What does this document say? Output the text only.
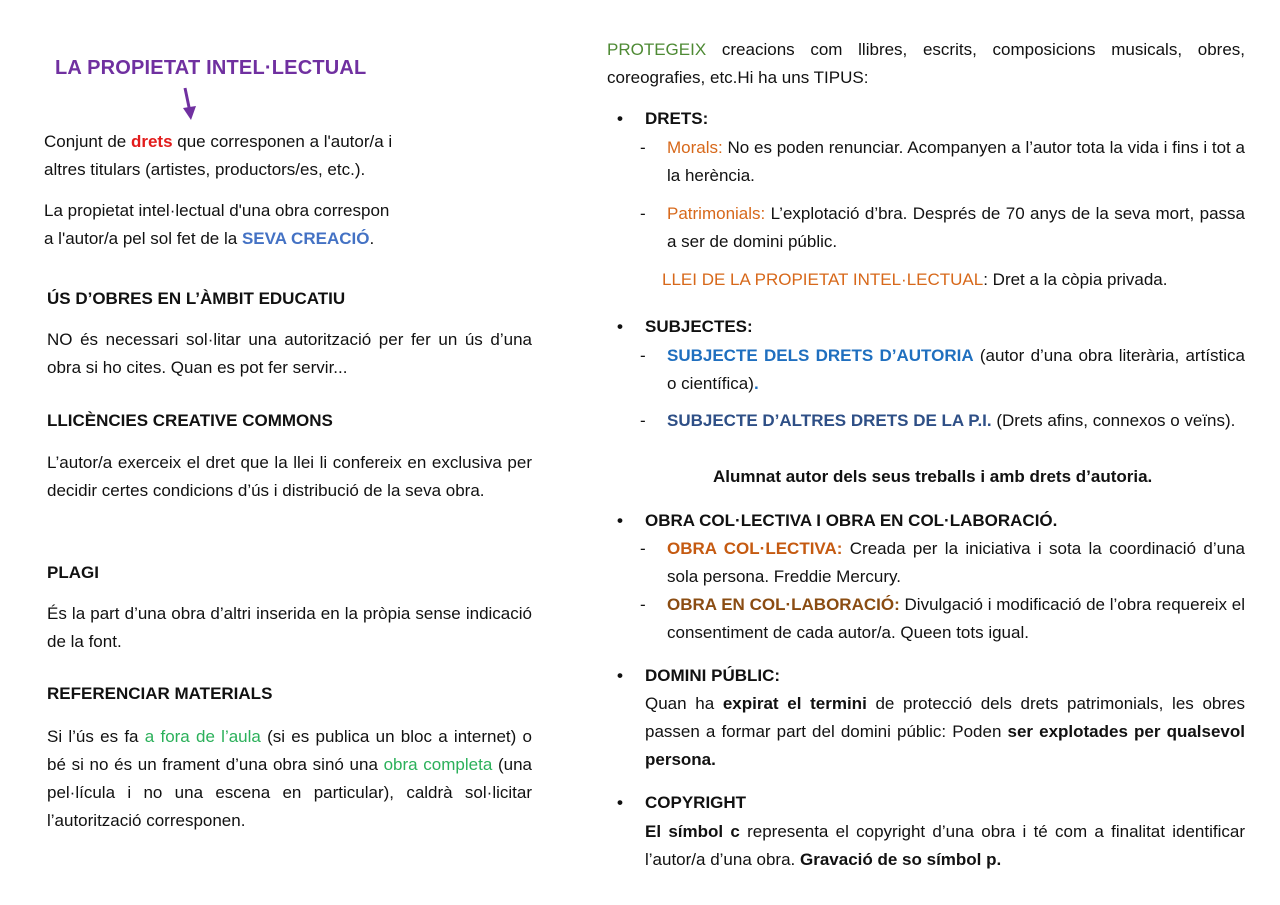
LA PROPIETAT INTEL·LECTUAL
Conjunt de drets que corresponen a l'autor/a i
altres titulars (artistes, productors/es, etc.).
La propietat intel·lectual d'una obra correspon
a l'autor/a pel sol fet de la SEVA CREACIÓ.
ÚS D’OBRES EN L’ÀMBIT EDUCATIU
NO és necessari sol·litar una autorització per fer un ús d’una obra si ho cites. Quan es pot fer servir...
LLICÈNCIES CREATIVE COMMONS
L’autor/a exerceix el dret que la llei li confereix en exclusiva per decidir certes condicions d’ús i distribució de la seva obra.
PLAGI
És la part d’una obra d’altri inserida en la pròpia sense indicació de la font.
REFERENCIAR MATERIALS
Si l’ús es fa a fora de l’aula (si es publica un bloc a internet) o bé si no és un frament d’una obra sinó una obra completa (una pel·lícula i no una escena en particular), caldrà sol·licitar l’autorització corresponen.
PROTEGEIX creacions com llibres, escrits, composicions musicals, obres, coreografies, etc.Hi ha uns TIPUS:
• DRETS:
- Morals: No es poden renunciar. Acompanyen a l’autor tota la vida i fins i tot a la herència.
- Patrimonials: L’explotació d’bra. Després de 70 anys de la seva mort, passa a ser de domini públic.
LLEI DE LA PROPIETAT INTEL·LECTUAL: Dret a la còpia privada.
• SUBJECTES:
- SUBJECTE DELS DRETS D’AUTORIA (autor d’una obra literària, artística o científica).
- SUBJECTE D’ALTRES DRETS DE LA P.I. (Drets afins, connexos o veïns).
Alumnat autor dels seus treballs i amb drets d’autoria.
• OBRA COL·LECTIVA I OBRA EN COL·LABORACIÓ.
- OBRA COL·LECTIVA: Creada per la iniciativa i sota la coordinació d’una sola persona. Freddie Mercury.
- OBRA EN COL·LABORACIÓ: Divulgació i modificació de l’obra requereix el consentiment de cada autor/a. Queen tots igual.
• DOMINI PÚBLIC:
Quan ha expirat el termini de protecció dels drets patrimonials, les obres passen a formar part del domini públic: Poden ser explotades per qualsevol persona.
• COPYRIGHT
El símbol c representa el copyright d’una obra i té com a finalitat identificar l’autor/a d’una obra. Gravació de so símbol p.
